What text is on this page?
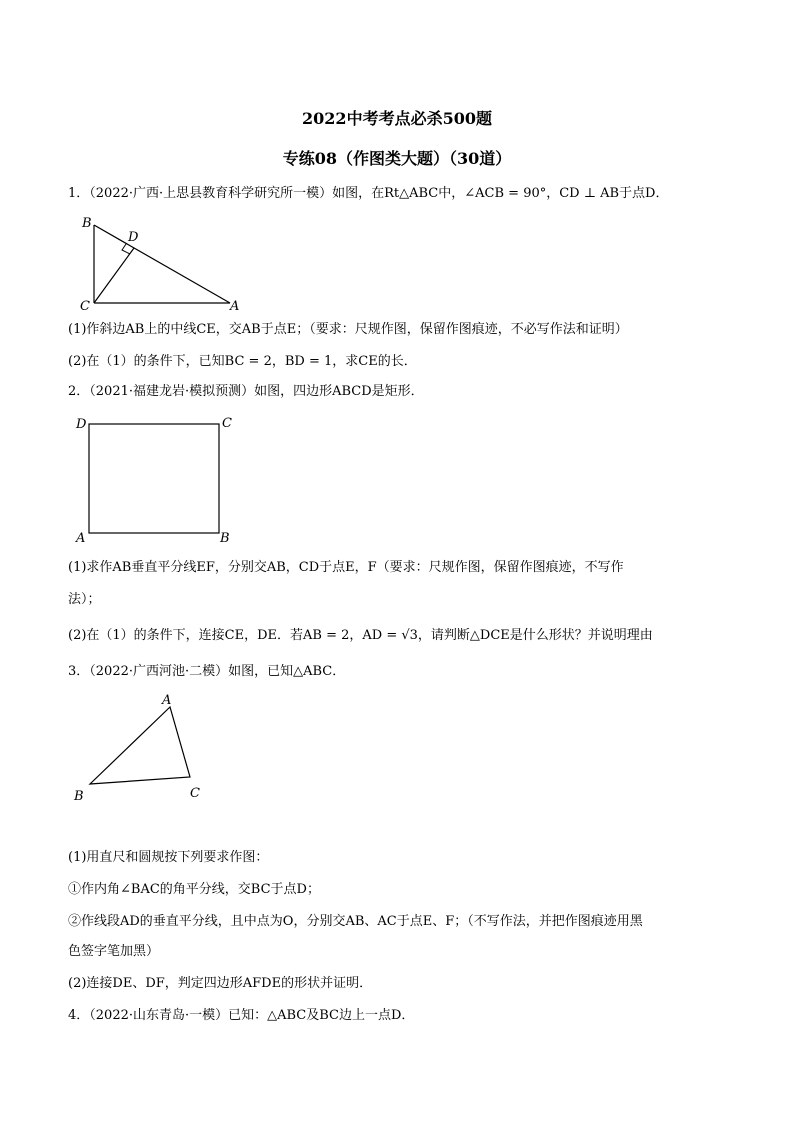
2022中考考点必杀500题
专练08（作图类大题）（30道）
1．（2022·广西·上思县教育科学研究所一模）如图，在Rt△ABC中，∠ACB = 90°，CD ⊥ AB于点D．
B
D
C	A
(1)作斜边AB上的中线CE，交AB于点E；（要求：尺规作图，保留作图痕迹，不必写作法和证明）
(2)在（1）的条件下，已知BC = 2，BD = 1，求CE的长．
2．（2021·福建龙岩·模拟预测）如图，四边形ABCD是矩形．
D	C
A	B
(1)求作AB垂直平分线EF，分别交AB，CD于点E，F（要求：尺规作图，保留作图痕迹，不写作
法）；
(2)在（1）的条件下，连接CE，DE．若AB = 2，AD = √3，请判断△DCE是什么形状？并说明理由
3．（2022·广西河池·二模）如图，已知△ABC．
A
B	C
(1)用直尺和圆规按下列要求作图：
①作内角∠BAC的角平分线，交BC于点D；
②作线段AD的垂直平分线，且中点为O，分别交AB、AC于点E、F；（不写作法，并把作图痕迹用黑
色签字笔加黑）
(2)连接DE、DF，判定四边形AFDE的形状并证明．
4．（2022·山东青岛·一模）已知：△ABC及BC边上一点D．
